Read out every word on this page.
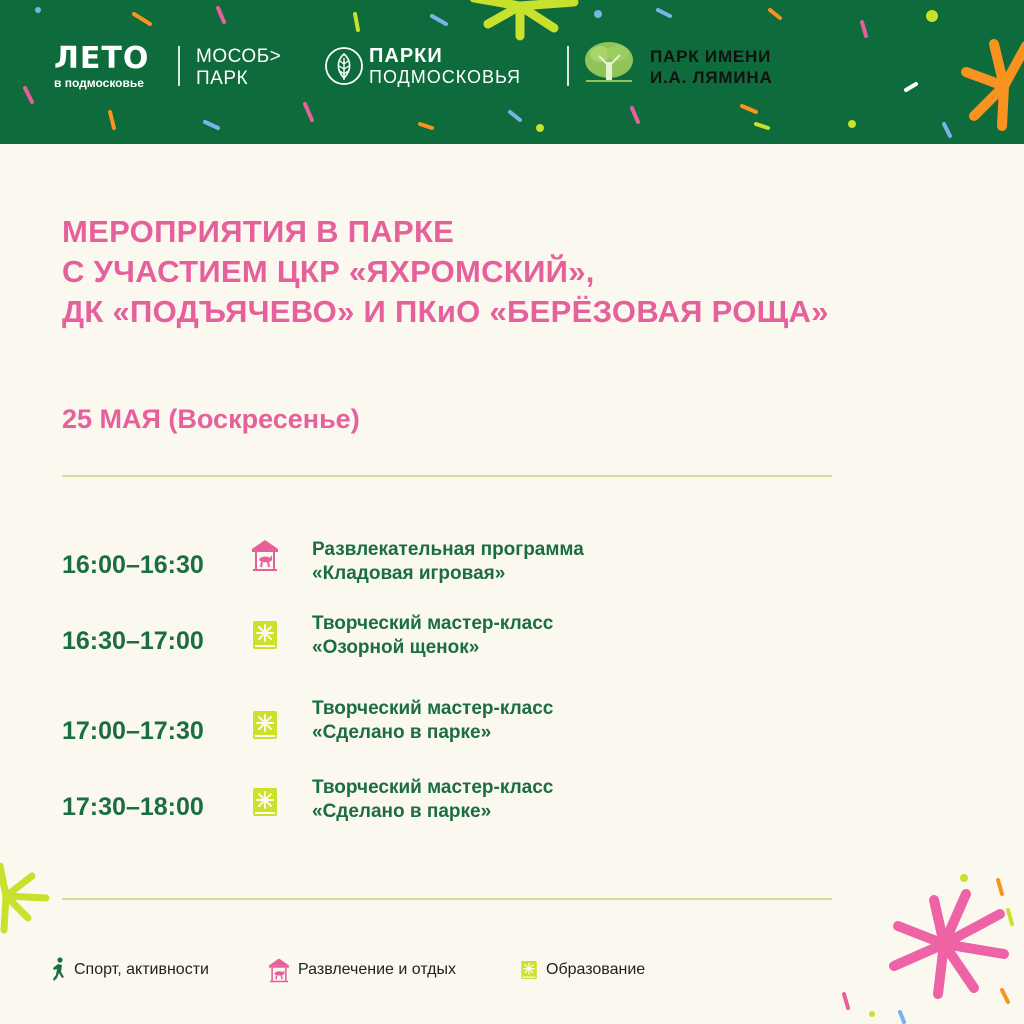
ЛЕТО
в подмосковье
МОСОБ>
ПАРК
ПАРКИ
ПОДМОСКОВЬЯ
ПАРК ИМЕНИ
И.А. ЛЯМИНА
МЕРОПРИЯТИЯ В ПАРКЕ
С УЧАСТИЕМ ЦКР «ЯХРОМСКИЙ»,
ДК «ПОДЪЯЧЕВО» И ПКиО «БЕРЁЗОВАЯ РОЩА»
25 МАЯ (Воскресенье)
16:00–16:30
Развлекательная программа
«Кладовая игровая»
16:30–17:00
Творческий мастер-класс
«Озорной щенок»
17:00–17:30
Творческий мастер-класс
«Сделано в парке»
17:30–18:00
Творческий мастер-класс
«Сделано в парке»
Спорт, активности	Развлечение и отдых	Образование
